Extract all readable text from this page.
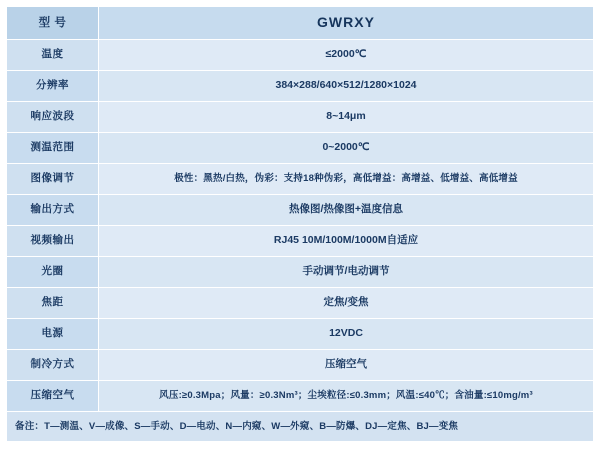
型 号	GWRXY
温度	≤2000℃
分辨率	384×288/640×512/1280×1024
响应波段	8~14μm
测温范围	0~2000℃
图像调节	极性：黑热/白热，伪彩：支持18种伪彩，高低增益：高增益、低增益、高低增益
输出方式	热像图/热像图+温度信息
视频输出	RJ45 10M/100M/1000M自适应
光圈	手动调节/电动调节
焦距	定焦/变焦
电源	12VDC
制冷方式	压缩空气
压缩空气	风压:≥0.3Mpa；风量：≥0.3Nm³；尘埃粒径:≤0.3mm；风温:≤40℃；含油量:≤10mg/m³
备注：T—测温、V—成像、S—手动、D—电动、N—内窥、W—外窥、B—防爆、DJ—定焦、BJ—变焦	
